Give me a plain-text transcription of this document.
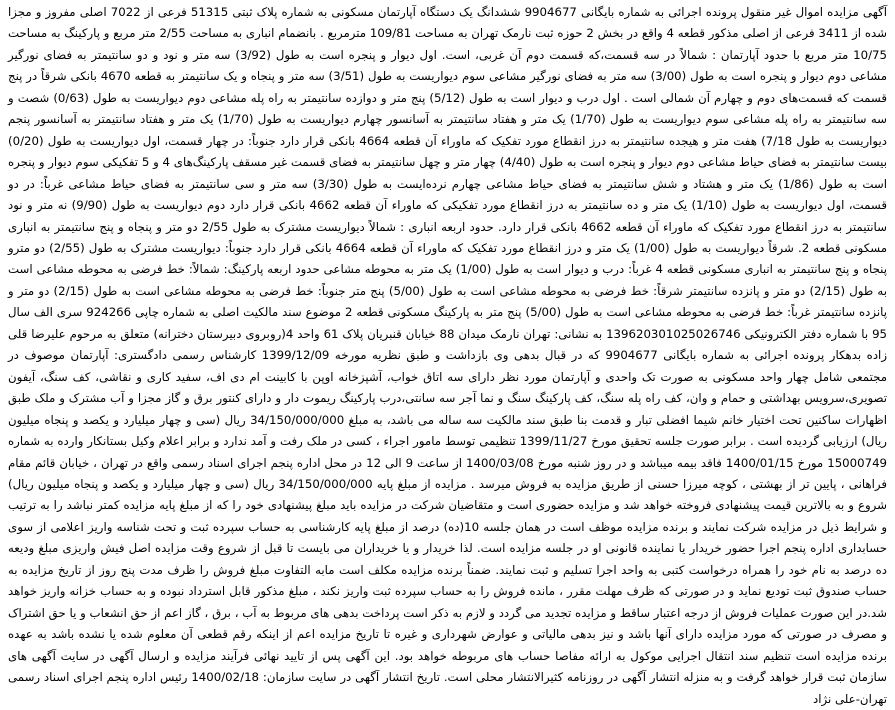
آگهی مزایده اموال غیر منقول پرونده اجرائی به شماره بایگانی 9904677 ششدانگ یک دستگاه آپارتمان مسکونی به شماره پلاک ثبتی 51315 فرعی از 7022 اصلی مفروز و مجزا شده از 3411 فرعی از اصلی مذکور قطعه 4 واقع در بخش 2 حوزه ثبت نارمک تهران به مساحت 109/81 مترمربع . بانضمام انباری به مساحت 2/55 متر مربع و پارکینگ به مساحت 10/75 متر مربع با حدود آپارتمان : شمالاً در سه قسمت،که قسمت دوم آن غربی، است. اول دیوار و پنجره است به طول (3/92) سه متر و نود و دو سانتیمتر به فضای نورگیر مشاعی دوم دیوار و پنجره است به طول (3/00) سه متر به فضای نورگیر مشاعی سوم دیواریست به طول (3/51) سه متر و پنجاه و یک سانتیمتر به قطعه 4670 بانکی شرقاً در پنج قسمت که قسمت‌های دوم و چهارم آن شمالی است . اول درب و دیوار است به طول (5/12) پنج متر و دوازده سانتیمتر به راه پله مشاعی دوم دیواریست به طول (0/63) شصت و سه سانتیمتر به راه پله مشاعی سوم دیواریست به طول (1/70) یک متر و هفتاد سانتیمتر به آسانسور چهارم دیواریست به طول (1/70) یک متر و هفتاد سانتیمتر به آسانسور پنجم دیواریست به طول 7/18) هفت متر و هیجده سانتیمتر به درز انقطاع مورد تفکیک که ماوراء آن قطعه 4664 بانکی قرار دارد جنوباً: در چهار قسمت، اول دیواریست به طول (0/20) بیست سانتیمتر به فضای حیاط مشاعی دوم دیوار و پنجره است به طول (4/40) چهار متر و چهل سانتیمتر به فضای قسمت غیر مسقف پارکینگ‌های 4 و 5 تفکیکی سوم دیوار و پنجره است به طول (1/86) یک متر و هشتاد و شش سانتیمتر به فضای حیاط مشاعی چهارم نرده‌ایست به طول (3/30) سه متر و سی سانتیمتر به فضای حیاط مشاعی غرباً: در دو قسمت، اول دیواریست به طول (1/10) یک متر و ده سانتیمتر به درز انقطاع مورد تفکیکی که ماوراء آن قطعه 4662 بانکی قرار دارد دوم دیواریست به طول (9/90) نه متر و نود سانتیمتر به درز انقطاع مورد تفکیک که ماوراء آن قطعه 4662 بانکی قرار دارد. حدود اربعه انباری : شمالاً دیواریست مشترک به طول 2/55 دو متر و پنجاه و پنج سانتیمتر به انباری مسکونی قطعه 2. شرقاً دیواریست به طول (1/00) یک متر و درز انقطاع مورد تفکیک که ماوراء آن قطعه 4664 بانکی قرار دارد جنوباً: دیواریست مشترک به طول (2/55) دو مترو پنجاه و پنج سانتیمتر به انباری مسکونی قطعه 4 غرباً: درب و دیوار است به طول (1/00) یک متر به محوطه مشاعی حدود اربعه پارکینگ: شمالاً: خط فرضی به محوطه مشاعی است به طول (2/15) دو متر و پانزده سانتیمتر شرقاً: خط فرضی به محوطه مشاعی است به طول (5/00) پنج متر جنوباً: خط فرضی به محوطه مشاعی است به طول (2/15) دو متر و پانزده سانتیمتر غرباً: خط فرضی به محوطه مشاعی است به طول (5/00) پنج متر به پارکینگ مسکونی قطعه 2 موضوع سند مالکیت اصلی به شماره چاپی 924266 سری الف سال 95 با شماره دفتر الکترونیکی 139620301025026746 به نشانی: تهران نارمک میدان 88 خیابان قنبریان پلاک 61 واحد 4(روبروی دبیرستان دخترانه) متعلق به مرحوم علیرضا قلی زاده بدهکار پرونده اجرائی به شماره بایگانی 9904677 که در قبال بدهی وی بازداشت و طبق نظریه مورخه 1399/12/09 کارشناس رسمی دادگستری: آپارتمان موصوف در مجتمعی شامل چهار واحد مسکونی به صورت تک واحدی و آپارتمان مورد نظر دارای سه اتاق خواب، آشپزخانه اوپن با کابینت ام دی اف، سفید کاری و نقاشی، کف سنگ، آیفون تصویری،سرویس بهداشتی و حمام و وان، کف راه پله سنگ، کف پارکینگ سنگ و نما آجر سه سانتی،درب پارکینگ ریموت دار و دارای کنتور برق و گاز مجزا و آب مشترک و ملک طبق اظهارات ساکنین تحت اختیار خانم شیما افضلی تبار و قدمت بنا طبق سند مالکیت سه ساله می باشد، به مبلغ 34/150/000/000 ریال (سی و چهار میلیارد و یکصد و پنجاه میلیون ریال) ارزیابی گردیده است . برابر صورت جلسه تحقیق مورخ 1399/11/27 تنظیمی توسط مامور اجراء ، کسی در ملک رفت و آمد ندارد و برابر اعلام وکیل بستانکار وارده به شماره 15000749 مورخ 1400/01/15 فاقد بیمه میباشد و در روز شنبه مورخ 1400/03/08 از ساعت 9 الی 12 در محل اداره پنجم اجرای اسناد رسمی واقع در تهران ، خیابان قائم مقام فراهانی ، پایین تر از بهشتی ، کوچه میرزا حسنی از طریق مزایده به فروش میرسد . مزایده از مبلغ پایه 34/150/000/000 ریال (سی و چهار میلیارد و یکصد و پنجاه میلیون ریال) شروع و به بالاترین قیمت پیشنهادی فروخته خواهد شد و مزایده حضوری است و متقاضیان شرکت در مزایده باید مبلغ پیشنهادی خود را که از مبلغ پایه مزایده کمتر نباشد را به ترتیب و شرایط ذیل در مزایده شرکت نمایند و برنده مزایده موظف است در همان جلسه 10(ده) درصد از مبلغ پایه کارشناسی به حساب سپرده ثبت و تحت شناسه واریز اعلامی از سوی حسابداری اداره پنجم اجرا حضور خریدار یا نماینده قانونی او در جلسه مزایده است. لذا خریدار و یا خریداران می بایست تا قبل از شروع وقت مزایده اصل فیش واریزی مبلغ ودیعه ده درصد به نام خود را همراه درخواست کتبی به واحد اجرا تسلیم و ثبت نمایند. ضمناً برنده مزایده مکلف است مابه التفاوت مبلغ فروش را ظرف مدت پنج روز از تاریخ مزایده به حساب صندوق ثبت تودیع نماید و در صورتی که ظرف مهلت مقرر ، مانده فروش را به حساب سپرده ثبت واریز نکند ، مبلغ مذکور قابل استرداد نبوده و به حساب خزانه واریز خواهد شد.در این صورت عملیات فروش از درجه اعتبار ساقط و مزایده تجدید می گردد و لازم به ذکر است پرداخت بدهی های مربوط به آب ، برق ، گاز اعم از حق انشعاب و یا حق اشتراک و مصرف در صورتی که مورد مزایده دارای آنها باشد و نیز بدهی مالیاتی و عوارض شهرداری و غیره تا تاریخ مزایده اعم از اینکه رقم قطعی آن معلوم شده یا نشده باشد به عهده برنده مزایده است تنظیم سند انتقال اجرایی موکول به ارائه مفاصا حساب های مربوطه خواهد بود. این آگهی پس از تایید نهائی فرآیند مزایده و ارسال آگهی در سایت آگهی های سازمان ثبت قرار خواهد گرفت و به منزله انتشار آگهی در روزنامه کثیرالانتشار محلی است. تاریخ انتشار آگهی در سایت سازمان: 1400/02/18 رئیس اداره پنجم اجرای اسناد رسمی تهران-علی نژاد
